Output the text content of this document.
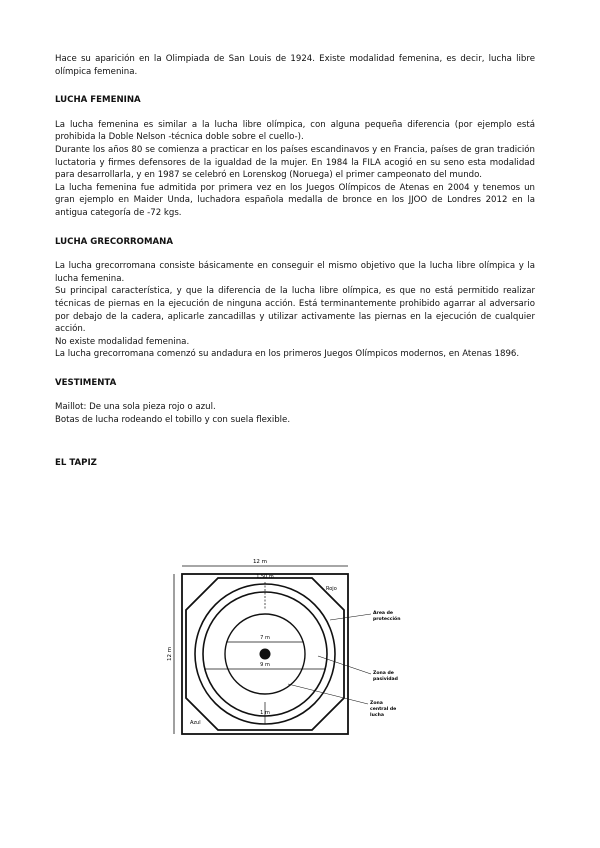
Hace su aparición en la Olimpiada de San Louis de 1924. Existe modalidad femenina, es decir, lucha libre olímpica femenina.

LUCHA FEMENINA

La lucha femenina es similar a la lucha libre olímpica, con alguna pequeña diferencia (por ejemplo está prohibida la Doble Nelson -técnica doble sobre el cuello-).

Durante los años 80 se comienza a practicar en los países escandinavos y en Francia, países de gran tradición luctatoria y firmes defensores de la igualdad de la mujer. En 1984 la FILA acogió en su seno esta modalidad para desarrollarla, y en 1987 se celebró en Lorenskog (Noruega) el primer campeonato del mundo.

La lucha femenina fue admitida por primera vez en los Juegos Olímpicos de Atenas en 2004 y tenemos un gran ejemplo en Maider Unda, luchadora española medalla de bronce en los JJOO de Londres 2012 en la antigua categoría de -72 kgs.

LUCHA GRECORROMANA

La lucha grecorromana consiste básicamente en conseguir el mismo objetivo que la lucha libre olímpica y la lucha femenina.

Su principal característica, y que la diferencia de la lucha libre olímpica, es que no está permitido realizar técnicas de piernas en la ejecución de ninguna acción. Está terminantemente prohibido agarrar al adversario por debajo de la cadera, aplicarle zancadillas y utilizar activamente las piernas en la ejecución de cualquier acción.

No existe modalidad femenina.

La lucha grecorromana comenzó su andadura en los primeros Juegos Olímpicos modernos, en Atenas 1896.

VESTIMENTA

Maillot: De una sola pieza rojo o azul.

Botas de lucha rodeando el tobillo y con suela flexible.

EL TAPIZ

12 m
12 m
1,50 m
7 m
9 m
1 m
Rojo
Azul
Area de protección
Zona de pasividad
Zona central de lucha
